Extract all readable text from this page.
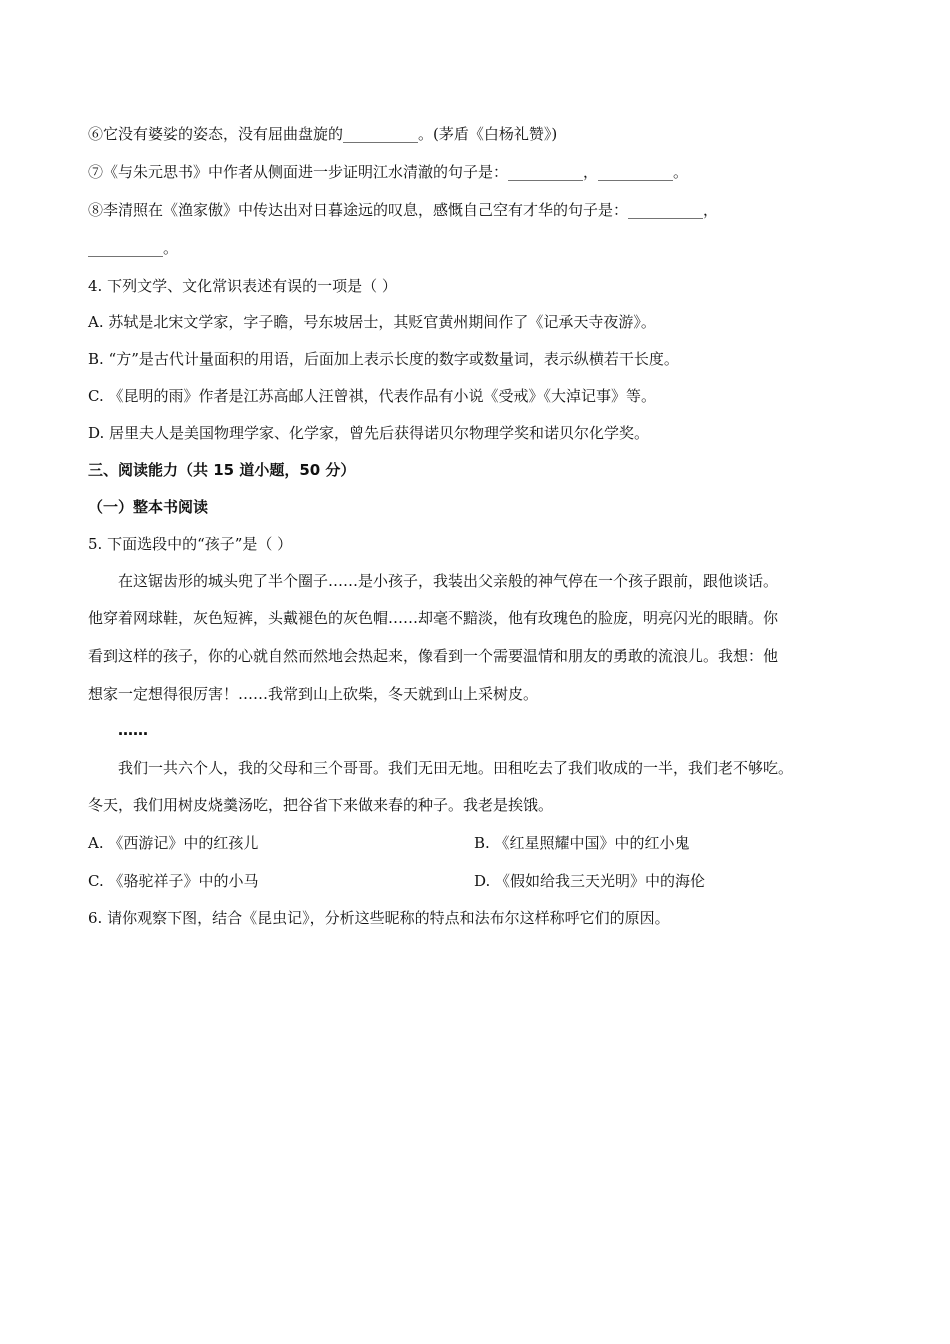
⑥它没有婆娑的姿态，没有屈曲盘旋的__________。(茅盾《白杨礼赞》)
⑦《与朱元思书》中作者从侧面进一步证明江水清澈的句子是：__________，__________。
⑧李清照在《渔家傲》中传达出对日暮途远的叹息，感慨自己空有才华的句子是：__________，
__________。
4. 下列文学、文化常识表述有误的一项是（ ）
A. 苏轼是北宋文学家，字子瞻，号东坡居士，其贬官黄州期间作了《记承天寺夜游》。
B. “方”是古代计量面积的用语，后面加上表示长度的数字或数量词，表示纵横若干长度。
C. 《昆明的雨》作者是江苏高邮人汪曾祺，代表作品有小说《受戒》《大淖记事》等。
D. 居里夫人是美国物理学家、化学家，曾先后获得诺贝尔物理学奖和诺贝尔化学奖。
三、阅读能力（共 15 道小题，50 分）
（一）整本书阅读
5. 下面选段中的“孩子”是（ ）
在这锯齿形的城头兜了半个圈子……是小孩子，我装出父亲般的神气停在一个孩子跟前，跟他谈话。
他穿着网球鞋，灰色短裤，头戴褪色的灰色帽……却毫不黯淡，他有玫瑰色的脸庞，明亮闪光的眼睛。你
看到这样的孩子，你的心就自然而然地会热起来，像看到一个需要温情和朋友的勇敢的流浪儿。我想：他
想家一定想得很厉害！……我常到山上砍柴，冬天就到山上采树皮。
……
我们一共六个人，我的父母和三个哥哥。我们无田无地。田租吃去了我们收成的一半，我们老不够吃。
冬天，我们用树皮烧羹汤吃，把谷省下来做来春的种子。我老是挨饿。
A. 《西游记》中的红孩儿	B. 《红星照耀中国》中的红小鬼
C. 《骆驼祥子》中的小马	D. 《假如给我三天光明》中的海伦
6. 请你观察下图，结合《昆虫记》，分析这些昵称的特点和法布尔这样称呼它们的原因。
